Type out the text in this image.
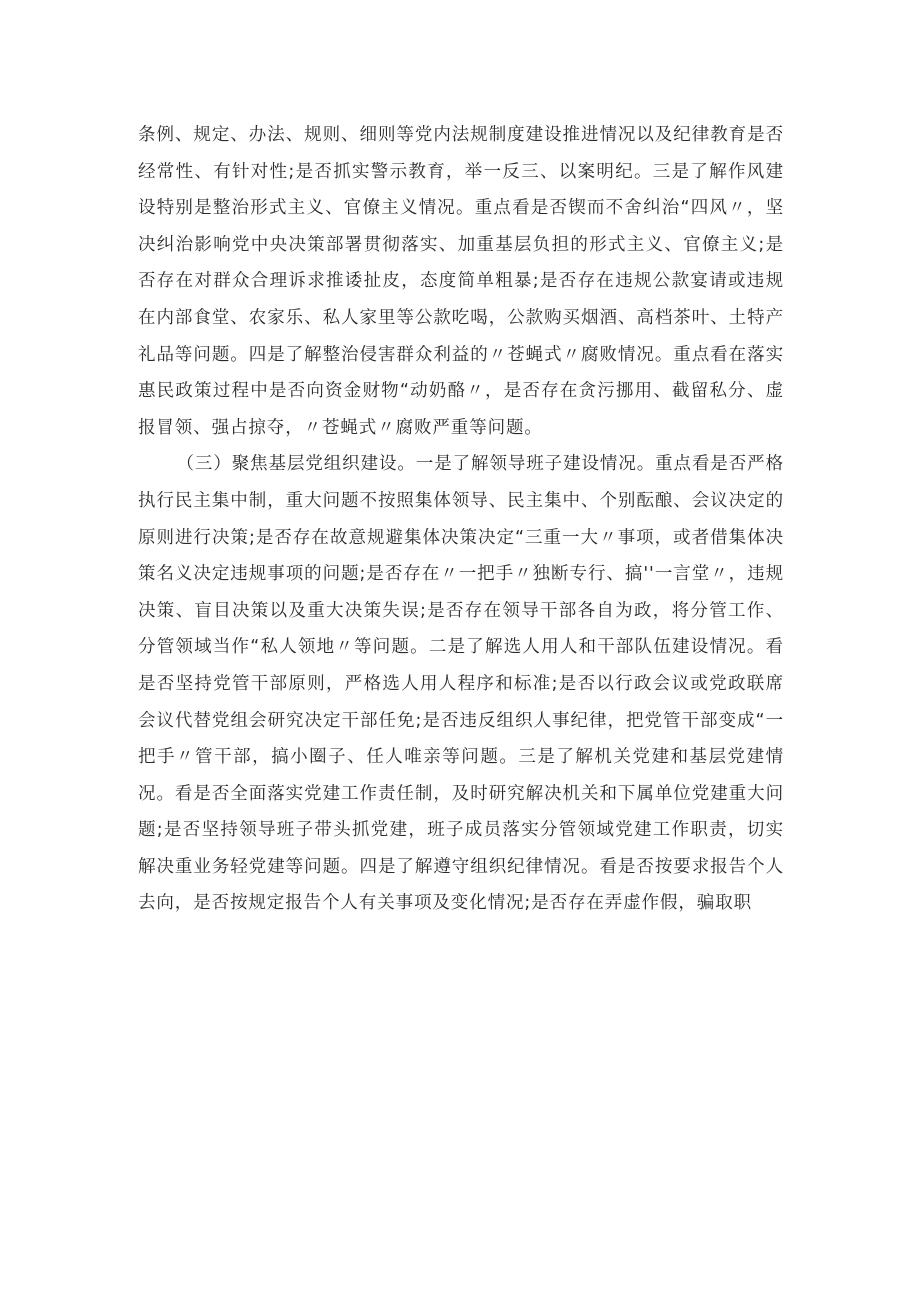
条例、规定、办法、规则、细则等党内法规制度建设推进情况以及纪律教育是否经常性、有针对性;是否抓实警示教育，举一反三、以案明纪。三是了解作风建设特别是整治形式主义、官僚主义情况。重点看是否锲而不舍纠治“四风〃，坚决纠治影响党中央决策部署贯彻落实、加重基层负担的形式主义、官僚主义;是否存在对群众合理诉求推诿扯皮，态度简单粗暴;是否存在违规公款宴请或违规在内部食堂、农家乐、私人家里等公款吃喝，公款购买烟酒、高档茶叶、土特产礼品等问题。四是了解整治侵害群众利益的〃苍蝇式〃腐败情况。重点看在落实惠民政策过程中是否向资金财物“动奶酪〃，是否存在贪污挪用、截留私分、虚报冒领、强占掠夺，〃苍蝇式〃腐败严重等问题。

（三）聚焦基层党组织建设。一是了解领导班子建设情况。重点看是否严格执行民主集中制，重大问题不按照集体领导、民主集中、个别酝酿、会议决定的原则进行决策;是否存在故意规避集体决策决定“三重一大〃事项，或者借集体决策名义决定违规事项的问题;是否存在〃一把手〃独断专行、搞''一言堂〃，违规决策、盲目决策以及重大决策失误;是否存在领导干部各自为政，将分管工作、分管领域当作“私人领地〃等问题。二是了解选人用人和干部队伍建设情况。看是否坚持党管干部原则，严格选人用人程序和标准;是否以行政会议或党政联席会议代替党组会研究决定干部任免;是否违反组织人事纪律，把党管干部变成“一把手〃管干部，搞小圈子、任人唯亲等问题。三是了解机关党建和基层党建情况。看是否全面落实党建工作责任制，及时研究解决机关和下属单位党建重大问题;是否坚持领导班子带头抓党建，班子成员落实分管领域党建工作职责，切实解决重业务轻党建等问题。四是了解遵守组织纪律情况。看是否按要求报告个人去向，是否按规定报告个人有关事项及变化情况;是否存在弄虚作假，骗取职
